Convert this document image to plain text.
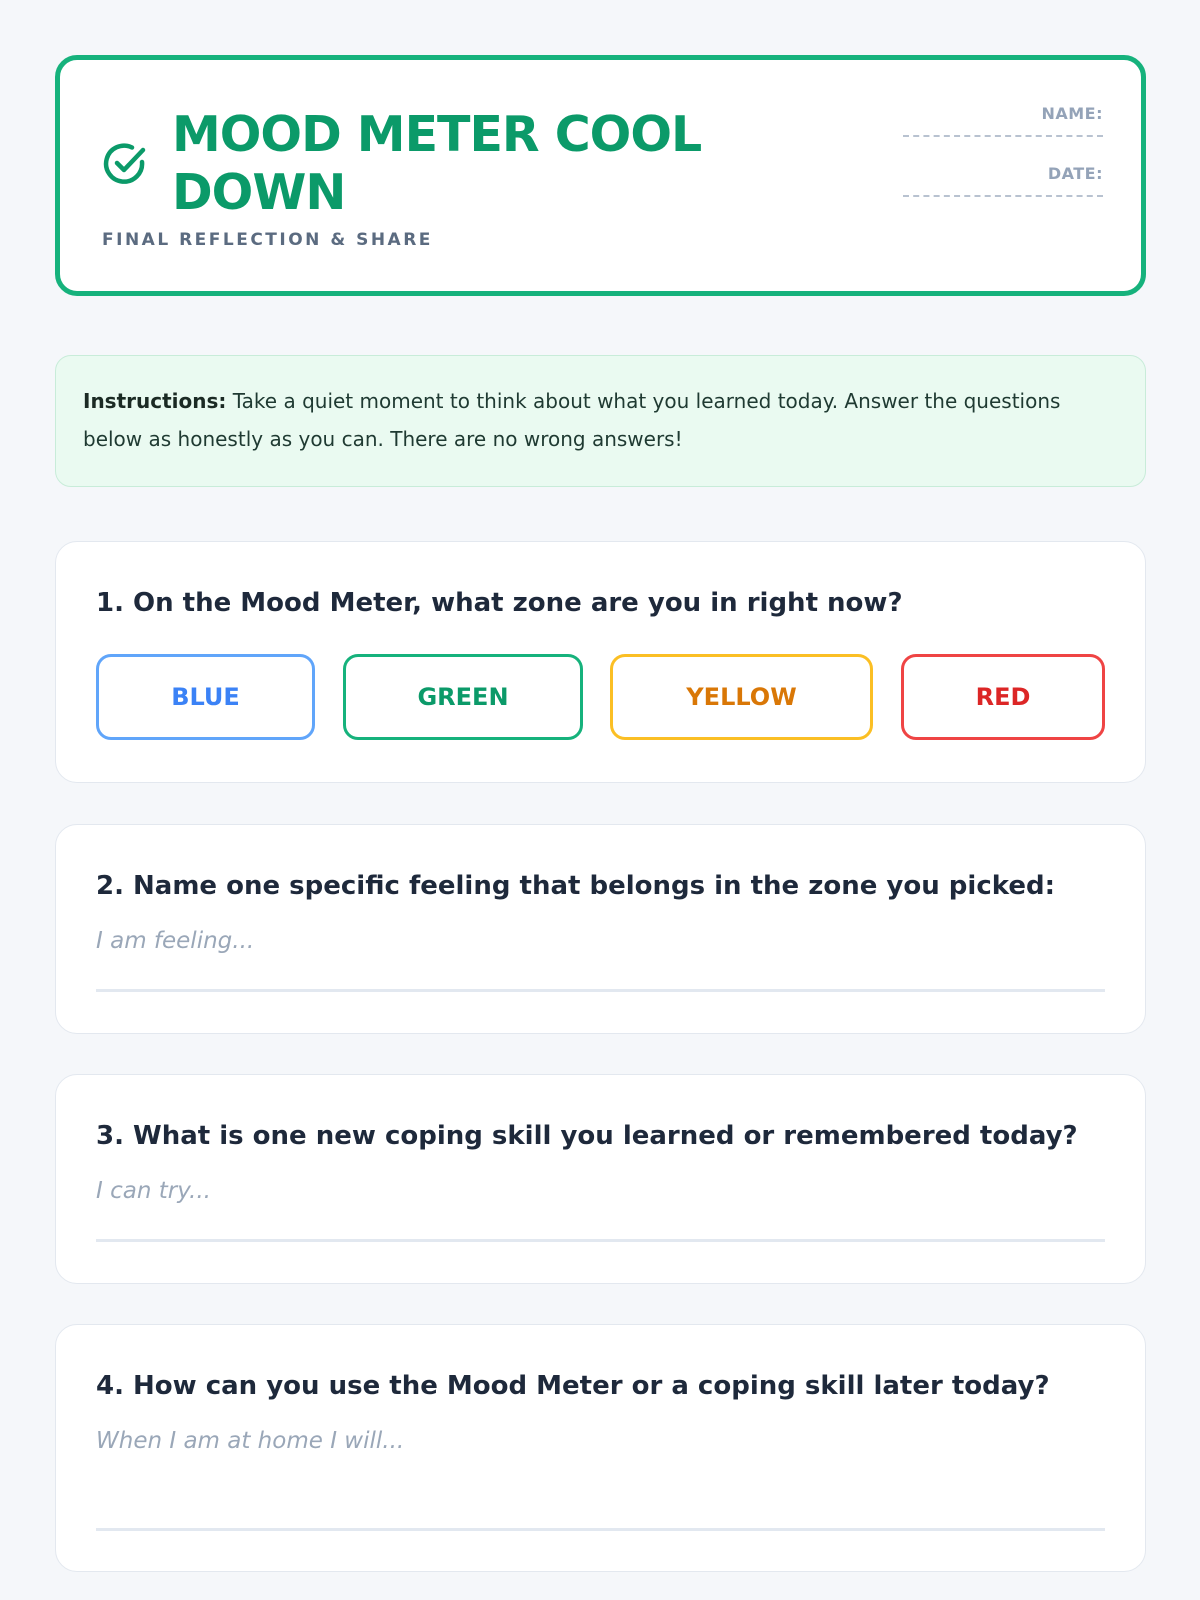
MOOD METER COOL DOWN
FINAL REFLECTION & SHARE
NAME:
DATE:
Instructions: Take a quiet moment to think about what you learned today. Answer the questions below as honestly as you can. There are no wrong answers!
1. On the Mood Meter, what zone are you in right now?
BLUE	GREEN	YELLOW	RED
2. Name one specific feeling that belongs in the zone you picked:
I am feeling...
3. What is one new coping skill you learned or remembered today?
I can try...
4. How can you use the Mood Meter or a coping skill later today?
When I am at home I will...
